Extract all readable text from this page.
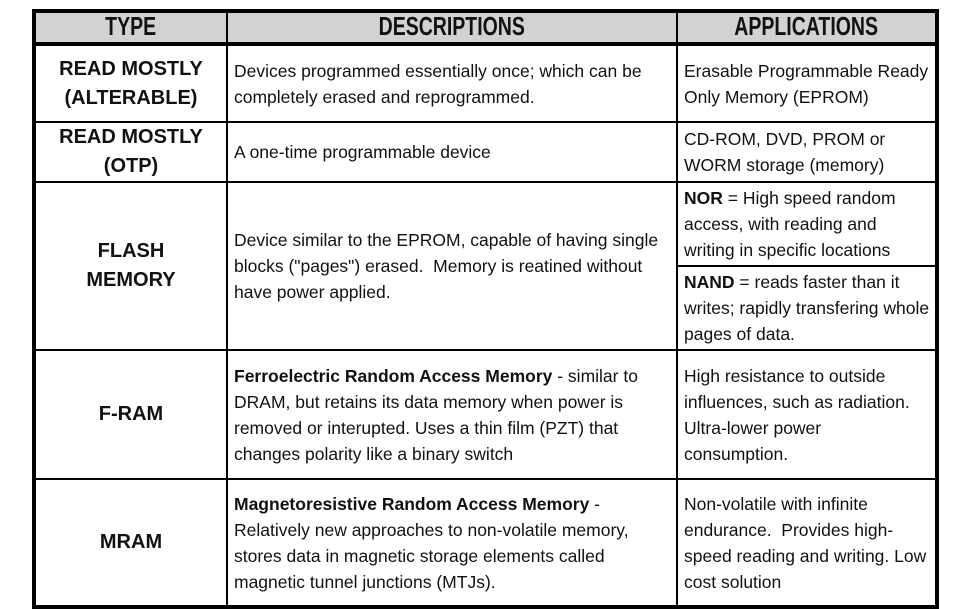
TYPE	DESCRIPTIONS	APPLICATIONS

READ MOSTLY
(ALTERABLE)	Devices programmed essentially once; which can be completely erased and reprogrammed.	Erasable Programmable Ready Only Memory (EPROM)

READ MOSTLY
(OTP)	A one-time programmable device	CD-ROM, DVD, PROM or WORM storage (memory)

FLASH
MEMORY	Device similar to the EPROM, capable of having single blocks ("pages") erased.  Memory is reatined without have power applied.	NOR = High speed random access, with reading and writing in specific locations
		NAND = reads faster than it writes; rapidly transfering whole pages of data.

F-RAM	Ferroelectric Random Access Memory - similar to DRAM, but retains its data memory when power is removed or interupted. Uses a thin film (PZT) that changes polarity like a binary switch	High resistance to outside influences, such as radiation.  Ultra-lower power consumption.

MRAM	Magnetoresistive Random Access Memory - Relatively new approaches to non-volatile memory, stores data in magnetic storage elements called magnetic tunnel junctions (MTJs).	Non-volatile with infinite endurance.  Provides high-speed reading and writing. Low cost solution
